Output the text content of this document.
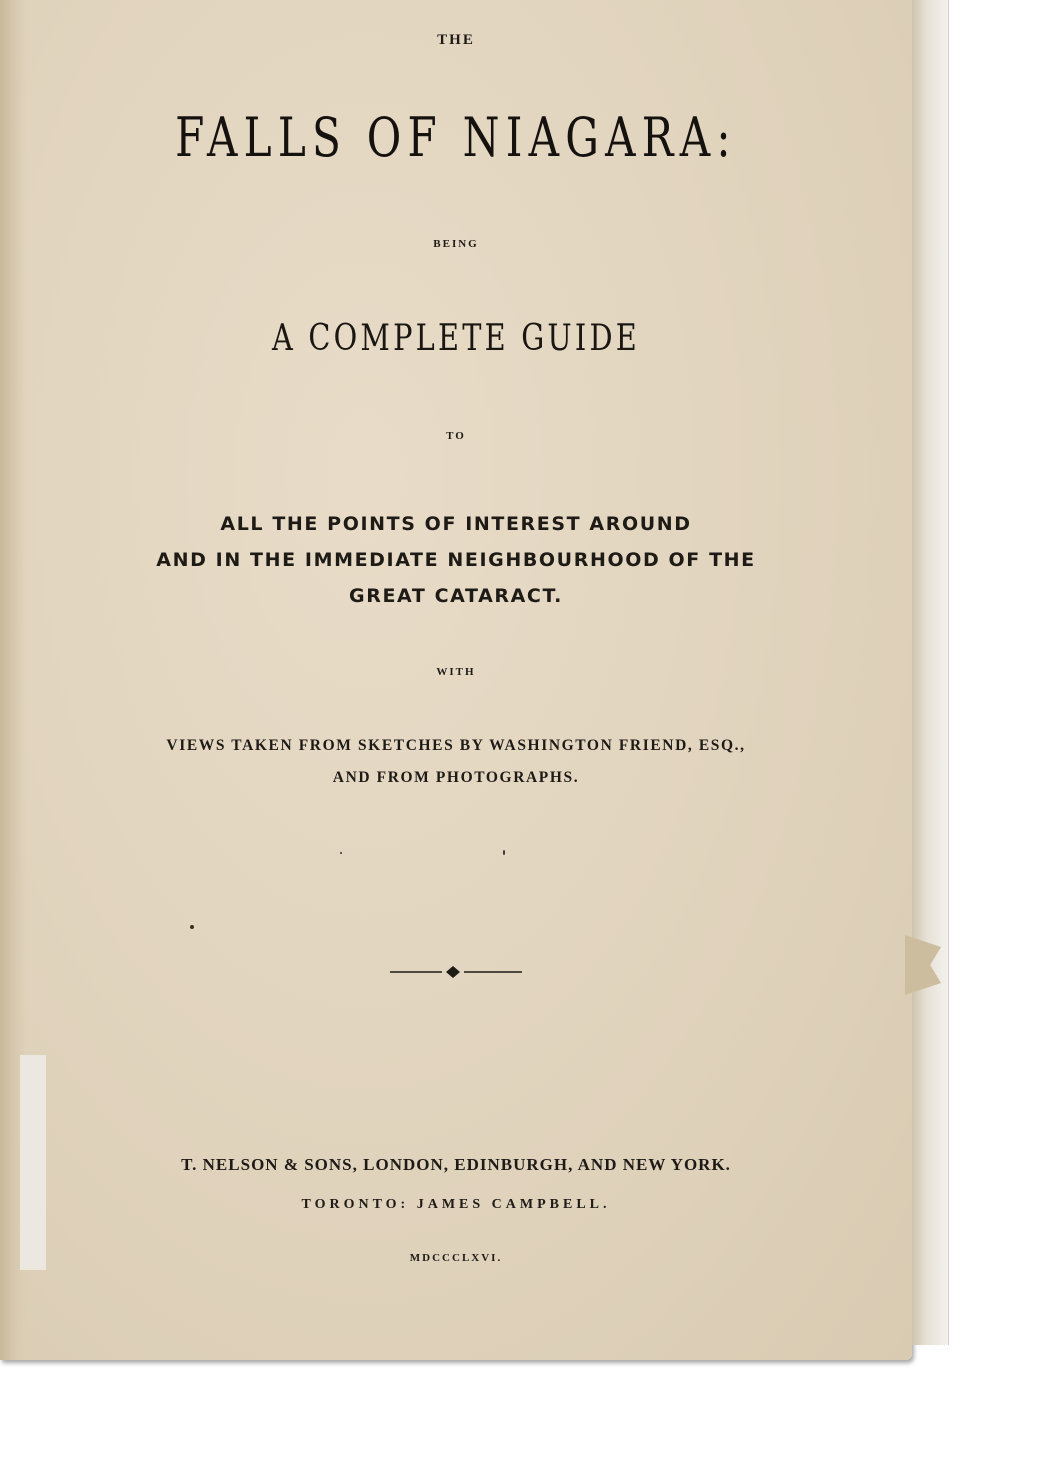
THE
FALLS OF NIAGARA:
BEING
A COMPLETE GUIDE
TO
ALL THE POINTS OF INTEREST AROUND
AND IN THE IMMEDIATE NEIGHBOURHOOD OF THE
GREAT CATARACT.
WITH
VIEWS TAKEN FROM SKETCHES BY WASHINGTON FRIEND, ESQ.,
AND FROM PHOTOGRAPHS.
T. NELSON & SONS, LONDON, EDINBURGH, AND NEW YORK.
TORONTO: JAMES CAMPBELL.
MDCCCLXVI.
